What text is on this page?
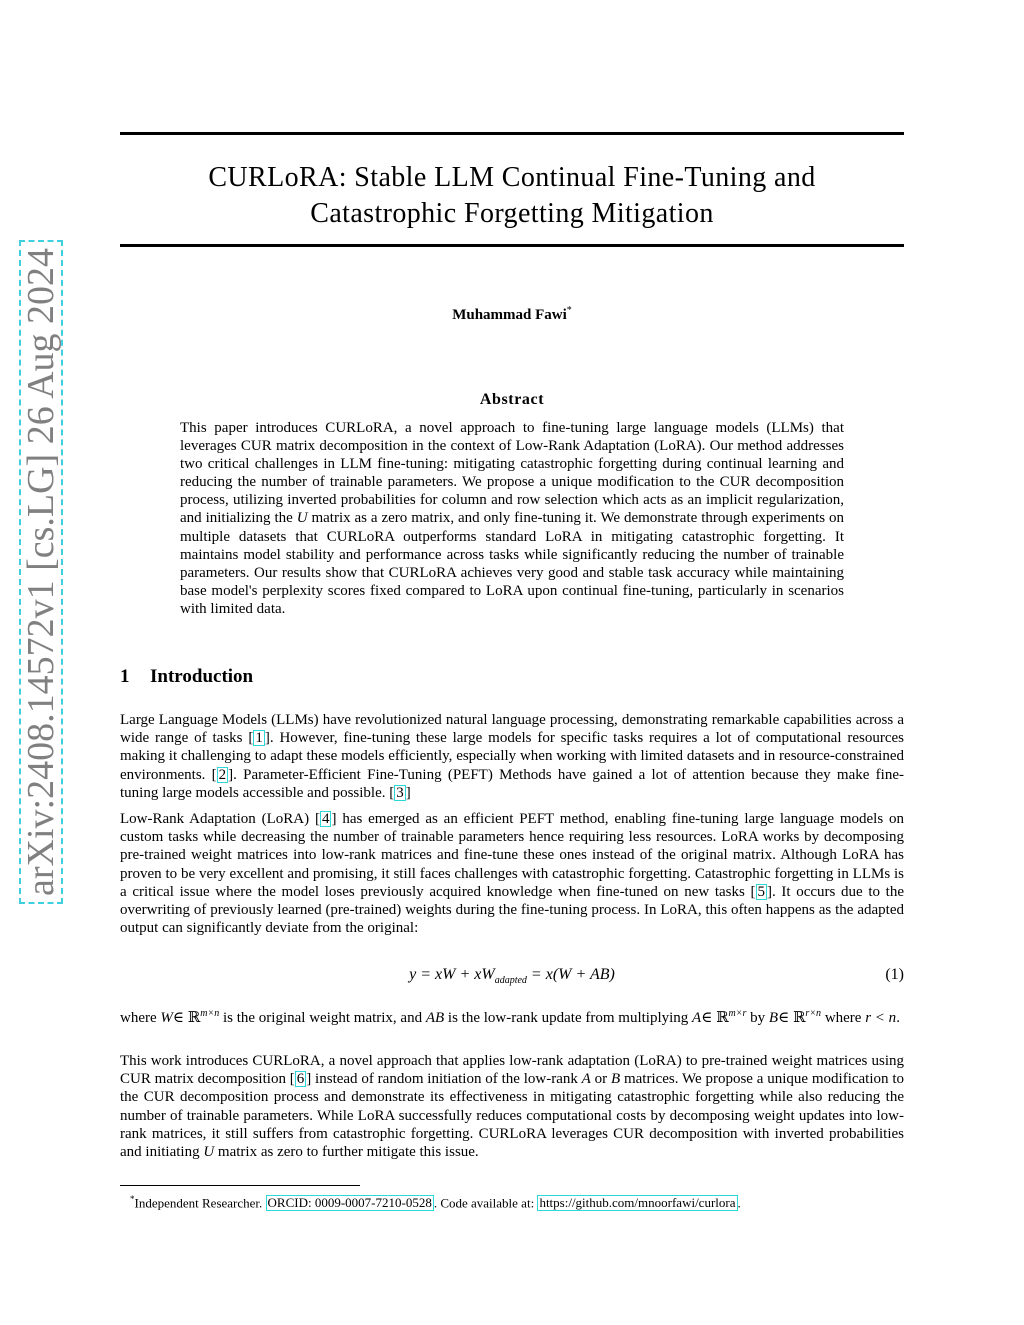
arXiv:2408.14572v1 [cs.LG] 26 Aug 2024
CURLoRA: Stable LLM Continual Fine-Tuning and
Catastrophic Forgetting Mitigation
Muhammad Fawi*
Abstract

This paper introduces CURLoRA, a novel approach to fine-tuning large language models (LLMs) that leverages CUR matrix decomposition in the context of Low-Rank Adaptation (LoRA). Our method addresses two critical challenges in LLM fine-tuning: mitigating catastrophic forgetting during continual learning and reducing the number of trainable parameters. We propose a unique modification to the CUR decomposition process, utilizing inverted probabilities for column and row selection which acts as an implicit regularization, and initializing the U matrix as a zero matrix, and only fine-tuning it. We demonstrate through experiments on multiple datasets that CURLoRA outperforms standard LoRA in mitigating catastrophic forgetting. It maintains model stability and performance across tasks while significantly reducing the number of trainable parameters. Our results show that CURLoRA achieves very good and stable task accuracy while maintaining base model's perplexity scores fixed compared to LoRA upon continual fine-tuning, particularly in scenarios with limited data.

1 Introduction

Large Language Models (LLMs) have revolutionized natural language processing, demonstrating remarkable capabilities across a wide range of tasks [ 1 ]. However, fine-tuning these large models for specific tasks requires a lot of computational resources making it challenging to adapt these models efficiently, especially when working with limited datasets and in resource-constrained environments. [ 2 ]. Parameter-Efficient Fine-Tuning (PEFT) Methods have gained a lot of attention because they make fine-tuning large models accessible and possible. [ 3 ]

Low-Rank Adaptation (LoRA) [ 4 ] has emerged as an efficient PEFT method, enabling fine-tuning large language models on custom tasks while decreasing the number of trainable parameters hence requiring less resources. LoRA works by decomposing pre-trained weight matrices into low-rank matrices and fine-tune these ones instead of the original matrix. Although LoRA has proven to be very excellent and promising, it still faces challenges with catastrophic forgetting. Catastrophic forgetting in LLMs is a critical issue where the model loses previously acquired knowledge when fine-tuned on new tasks [ 5 ]. It occurs due to the overwriting of previously learned (pre-trained) weights during the fine-tuning process. In LoRA, this often happens as the adapted output can significantly deviate from the original:

y = xW + $xW_{adapted} = x(W + AB)$	(1)

where W∈ ℝ$^{m\times n}$ is the original weight matrix, and AB is the low-rank update from multiplying A∈ ℝ$^{m\times r}$ by B∈ ℝ$^{r\times n}$ where r < n.

This work introduces CURLoRA, a novel approach that applies low-rank adaptation (LoRA) to pre-trained weight matrices using CUR matrix decomposition [ 6 ] instead of random initiation of the low-rank A or B matrices. We propose a unique modification to the CUR decomposition process and demonstrate its effectiveness in mitigating catastrophic forgetting while also reducing the number of trainable parameters. While LoRA successfully reduces computational costs by decomposing weight updates into low-rank matrices, it still suffers from catastrophic forgetting. CURLoRA leverages CUR decomposition with inverted probabilities and initiating U matrix as zero to further mitigate this issue.

*Independent Researcher. ORCID: 0009-0007-7210-0528 . Code available at: https://github.com/mnoorfawi/curlora .
